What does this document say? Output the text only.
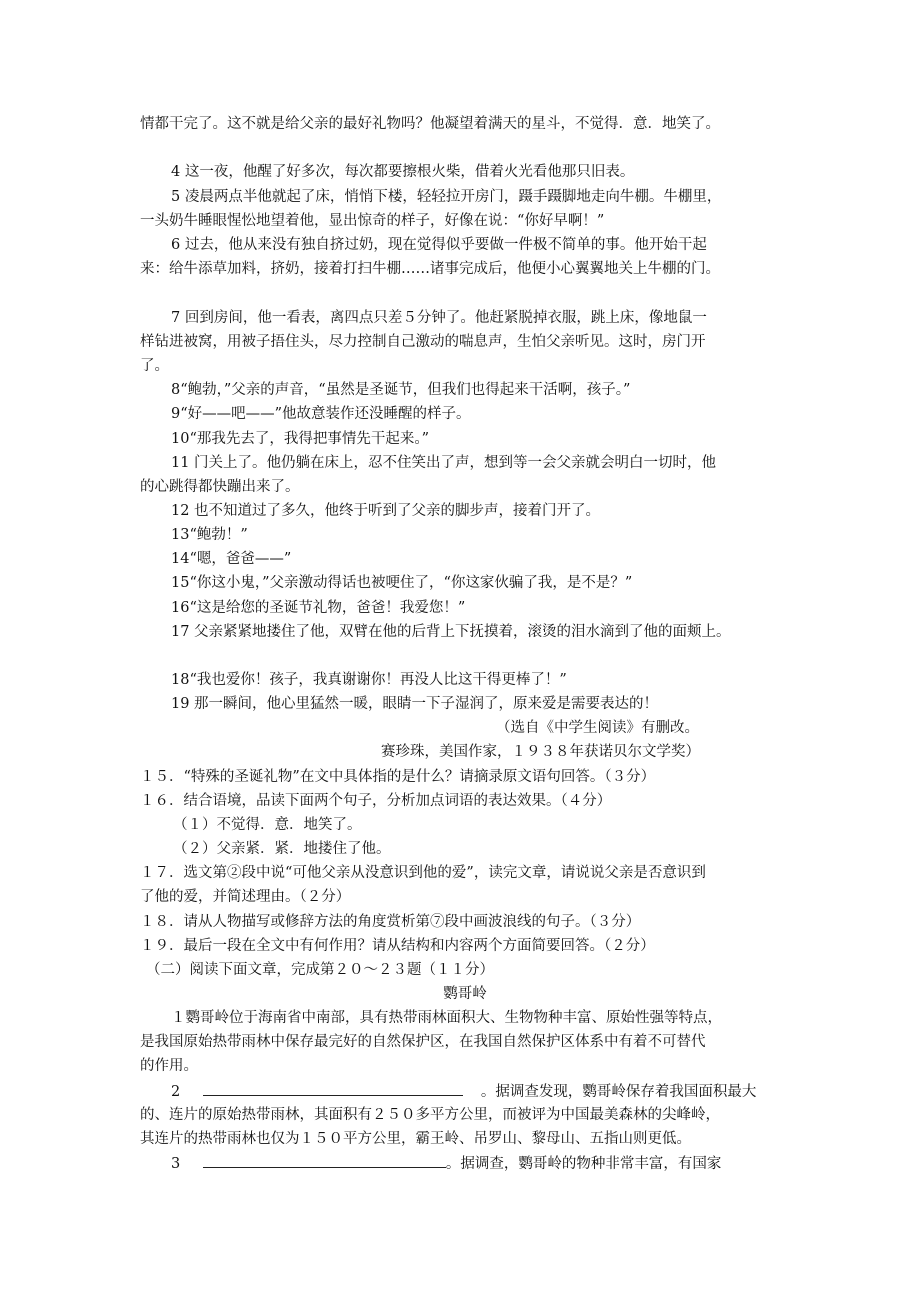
情都干完了。这不就是给父亲的最好礼物吗？他凝望着满天的星斗，不觉得．意．地笑了。
4 这一夜，他醒了好多次，每次都要擦根火柴，借着火光看他那只旧表。
5 凌晨两点半他就起了床，悄悄下楼，轻轻拉开房门，蹑手蹑脚地走向牛棚。牛棚里，
一头奶牛睡眼惺忪地望着他，显出惊奇的样子，好像在说：“你好早啊！”
6 过去，他从来没有独自挤过奶，现在觉得似乎要做一件极不简单的事。他开始干起
来：给牛添草加料，挤奶，接着打扫牛棚……诸事完成后，他便小心翼翼地关上牛棚的门。
7 回到房间，他一看表，离四点只差５分钟了。他赶紧脱掉衣服，跳上床，像地鼠一
样钻进被窝，用被子捂住头，尽力控制自己激动的喘息声，生怕父亲听见。这时，房门开
了。
8“鲍勃，”父亲的声音，“虽然是圣诞节，但我们也得起来干活啊，孩子。”
9“好——吧——”他故意装作还没睡醒的样子。
10“那我先去了，我得把事情先干起来。”
11 门关上了。他仍躺在床上，忍不住笑出了声，想到等一会父亲就会明白一切时，他
的心跳得都快蹦出来了。
12 也不知道过了多久，他终于听到了父亲的脚步声，接着门开了。
13“鲍勃！”
14“嗯，爸爸——”
15“你这小鬼，”父亲激动得话也被哽住了，“你这家伙骗了我，是不是？”
16“这是给您的圣诞节礼物，爸爸！我爱您！”
17 父亲紧紧地搂住了他，双臂在他的后背上下抚摸着，滚烫的泪水滴到了他的面颊上。
18“我也爱你！孩子，我真谢谢你！再没人比这干得更棒了！”
19 那一瞬间，他心里猛然一暖，眼睛一下子湿润了，原来爱是需要表达的！
（选自《中学生阅读》有删改。
赛珍珠，美国作家，１９３８年获诺贝尔文学奖）
１５．“特殊的圣诞礼物”在文中具体指的是什么？请摘录原文语句回答。（３分）
１６．结合语境，品读下面两个句子，分析加点词语的表达效果。（４分）
（１）不觉得．意．地笑了。
（２）父亲紧．紧．地搂住了他。
１７．选文第②段中说“可他父亲从没意识到他的爱”，读完文章，请说说父亲是否意识到
了他的爱，并简述理由。（２分）
１８．请从人物描写或修辞方法的角度赏析第⑦段中画波浪线的句子。（３分）
１９．最后一段在全文中有何作用？请从结构和内容两个方面简要回答。（２分）
（二）阅读下面文章，完成第２０～２３题（１１分）
鹦哥岭
１鹦哥岭位于海南省中南部，具有热带雨林面积大、生物物种丰富、原始性强等特点，
是我国原始热带雨林中保存最完好的自然保护区，在我国自然保护区体系中有着不可替代
的作用。
2	。据调查发现，鹦哥岭保存着我国面积最大
的、连片的原始热带雨林，其面积有２５０多平方公里，而被评为中国最美森林的尖峰岭，
其连片的热带雨林也仅为１５０平方公里，霸王岭、吊罗山、黎母山、五指山则更低。
3	。据调查，鹦哥岭的物种非常丰富，有国家
